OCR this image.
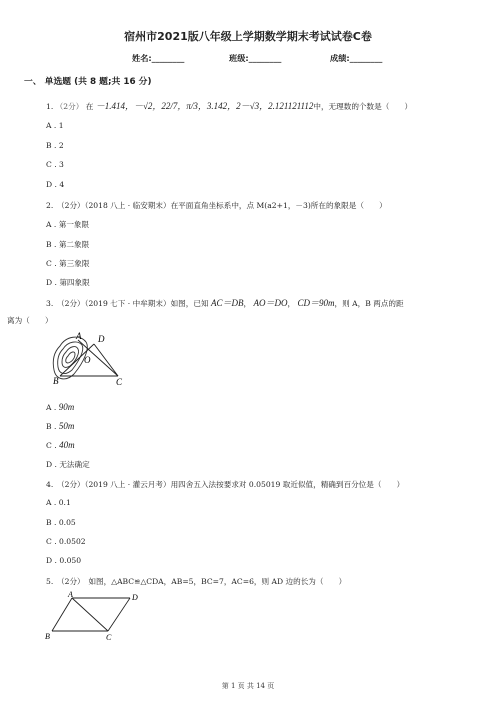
宿州市2021版八年级上学期数学期末考试试卷C卷
姓名:________	班级:________	成绩:________
一、 单选题 (共 8 题;共 16 分)
1. （2分） 在 －1.414，－√2，22/7，π/3，3.142，2－√3，2.121121112中，无理数的个数是（　　）
A . 1
B . 2
C . 3
D . 4
2.　（2分）（2018 八上 · 临安期末）在平面直角坐标系中，点 M(a2+1，－3)所在的象限是（　　）
A . 第一象限
B . 第二象限
C . 第三象限
D . 第四象限
3.　（2分）（2019 七下 · 中牟期末）如图，已知 AC＝DB， AO＝DO， CD＝90m，则 A，B 两点的距
离为（　　）
A D
O
B	C
A . 90m
B . 50m
C . 40m
D . 无法确定
4.　（2分）（2019 八上 · 灌云月考）用四舍五入法按要求对 0.05019 取近似值，精确到百分位是（　　）
A . 0.1
B . 0.05
C . 0.0502
D . 0.050
5.　（2分）　如图，△ABC≌△CDA，AB=5，BC=7，AC=6，则 AD 边的长为（　　）
A	D
B	C
第 1 页 共 14 页
